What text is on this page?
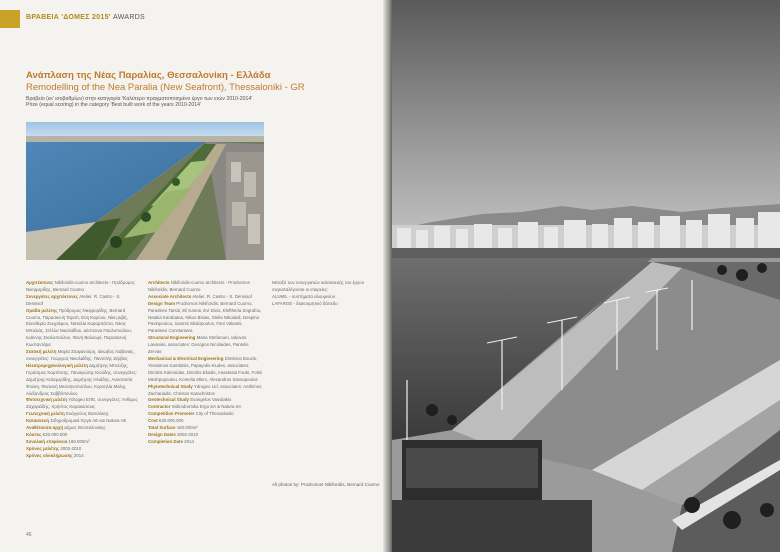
ΒΡΑΒΕΙΑ 'ΔΟΜΕΣ 2015' AWARDS
Ανάπλαση της Νέας Παραλίας, Θεσσαλονίκη - Ελλάδα
Remodelling of the Nea Paralia (New Seafront), Thessaloniki - GR
Βραβείο (εκ' ισοβαθμίων) στην κατηγορία 'Καλύτερο πραγματοποιημένο έργο των ετών 2010-2014'
Prize (equal scoring) in the category 'Best built work of the years 2010-2014'

Αρχιτέκτονες Nikiforidis-cuomo architects - Πρόδρομος Νικηφορίδης, Bernard Cuomo

Συνεργάτες αρχιτέκτονες Atelier. R. Castro - S. Denissof

Ομάδα μελέτης Πρόδρομος Νικηφορίδης, Bernard Cuomo, Παρασκευή Ταρσίτ, Εύη Καρύου, Νίκη Διβή, Ελευθερία Ζωγράφου, Ναταλία Καραμπάτσα, Νίκος Μπαλιάς, Στέλλα Νικολαΐδου, Δέσποινα Παυλοπούλου, Ιωάννης Σκαλοπούλου, Φανή Βαλαωρί, Παρασκευή Κωσταντάρα

Στατική μελέτη Μαρία Σταφανούρη, Ιάκωβος Λαβάνιας, συνεργάτες: Γεώργιος Νικολαΐδης, Παντελής Ζέρβας

Ηλεκτρομηχανολογική μελέτη Δημήτρης Μπούζης, Γεράσιμος Καμπίτσης, Παναγιώτης Κιούδης, συνεργάτες: Δημήτρης Καλεμερίδης, Δημήτρης Ηλιάδης, Αναστασία Φούκη, Φωτεινή Μεσσηνοπούλου, Κορνηλία Μαλιχ, Αλέξανδρος Σαββόπουλος

Φυτοτεχνική μελέτη Ydrogeo ΕΠΕ, συνεργάτες: Άνθιμος Ζαχαριάδης, Χρήστος Καρακώτσιος

Γεωτεχνική μελέτη Ευάγγελος Βασιλάκης

Κατασκευή Σιδηροδρομικά Έργα ΑΕ και Natura ΑΕ

Αναθέτουσα αρχή Δήμος Θεσσαλονίκης

Κόστος €20.000.000

Συνολική επιφάνεια 160.000m²

Χρόνος μελέτης 2002-2010

Χρόνος ολοκλήρωσης 2014

Architects Nikiforidis-cuomo architects - Prodromos Nikiforidis, Bernard Cuomo

Associate Architects Atelier. R. Castro - S. Denissof

Design Team Prodromos Nikiforidis, Bernard Cuomo, Paraskevi Tarsiti, Eli Karioti, Evi Divio, Eleftheria Zografou, Natalia Karabatsa, Nikos Bisias, Stella Nikolaidi, Despina Pavlopoulou, Ioannis Skalopoulos, Fani Valsami, Paraskevi Constantara

Structural Engineering Maria Stefanouri, Iakovos Lavanias, associates: Georgios Nicolaides, Pantelis Zervas

Mechanical & Electrical Engineering Dimitrios Bouzis, Yerasimos Kambitsis, Papayotis Kiudes, associates: Dimitris Kalemidas, Dimitris Eliadis, Anastasia Fouki, Fotini Meshpopoulou, Komelia Mlerc, Alexandros Savvopoulos

Phytotechnical Study Ydrogeo Ltd, associates: Anthimos Zachariadis, Christos Karachristos

Geotechnical Study Evangelos Vassilakis

Contractor Sidirodromika Ergo SA & Natura SA

Competition Promoter City of Thessaloniki

Cost €20.000.000

Total Surface 160.000m²

Design Dates 2002-2010

Completion Date 2014

Μεταξύ των συνεργατών κατασκευής του έργου συγκαταλέγονται οι εταιρείες:

ALUMIL - συστήματα αλουμινίου

LAFARGE - διακοσμητικό δάπεδο

All photos by: Prodromos Nikiforidis, Bernard Cuomo
46
